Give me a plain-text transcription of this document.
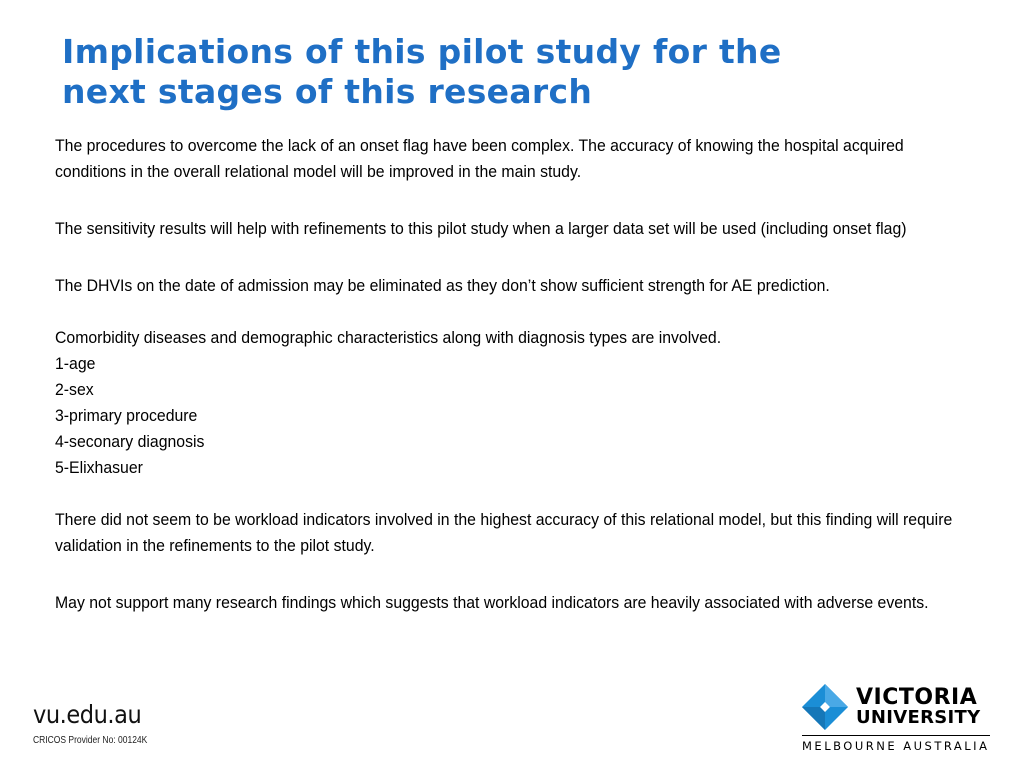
Implications of this pilot study for the
next stages of this research

The procedures to overcome the lack of an onset flag have been complex. The accuracy of knowing the hospital acquired conditions in the overall relational model will be improved in the main study.

The sensitivity results will help with refinements to this pilot study when a larger data set will be used (including onset flag)

The DHVIs on the date of admission may be eliminated as they don’t show sufficient strength for AE prediction.

Comorbidity diseases and demographic characteristics along with diagnosis types are involved.
1-age
2-sex
3-primary procedure
4-seconary diagnosis
5-Elixhasuer

There did not seem to be workload indicators involved in the highest accuracy of this relational model, but this finding will require validation in the refinements to the pilot study.

May not support many research findings which suggests that workload indicators are heavily associated with adverse events.

vu.edu.au
CRICOS Provider No: 00124K
VICTORIA
UNIVERSITY
MELBOURNE AUSTRALIA
